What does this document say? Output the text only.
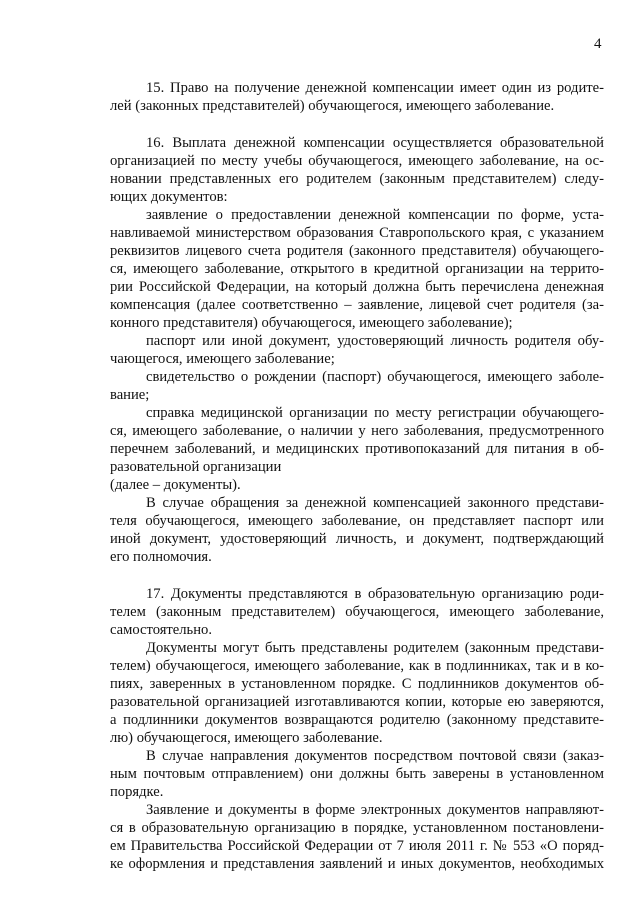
4
15. Право на получение денежной компенсации имеет один из родите-
лей (законных представителей) обучающегося, имеющего заболевание.
16. Выплата денежной компенсации осуществляется образовательной
организацией по месту учебы обучающегося, имеющего заболевание, на ос-
новании представленных его родителем (законным представителем) следу-
ющих документов:
заявление о предоставлении денежной компенсации по форме, уста-
навливаемой министерством образования Ставропольского края, с указанием
реквизитов лицевого счета родителя (законного представителя) обучающего-
ся, имеющего заболевание, открытого в кредитной организации на террито-
рии Российской Федерации, на который должна быть перечислена денежная
компенсация (далее соответственно – заявление, лицевой счет родителя (за-
конного представителя) обучающегося, имеющего заболевание);
паспорт или иной документ, удостоверяющий личность родителя обу-
чающегося, имеющего заболевание;
свидетельство о рождении (паспорт) обучающегося, имеющего заболе-
вание;
справка медицинской организации по месту регистрации обучающего-
ся, имеющего заболевание, о наличии у него заболевания, предусмотренного
перечнем заболеваний, и медицинских противопоказаний для питания в об-
разовательной организации
(далее – документы).
В случае обращения за денежной компенсацией законного представи-
теля обучающегося, имеющего заболевание, он представляет паспорт или
иной документ, удостоверяющий личность, и документ, подтверждающий
его полномочия.
17. Документы представляются в образовательную организацию роди-
телем (законным представителем) обучающегося, имеющего заболевание,
самостоятельно.
Документы могут быть представлены родителем (законным представи-
телем) обучающегося, имеющего заболевание, как в подлинниках, так и в ко-
пиях, заверенных в установленном порядке. С подлинников документов об-
разовательной организацией изготавливаются копии, которые ею заверяются,
а подлинники документов возвращаются родителю (законному представите-
лю) обучающегося, имеющего заболевание.
В случае направления документов посредством почтовой связи (заказ-
ным почтовым отправлением) они должны быть заверены в установленном
порядке.
Заявление и документы в форме электронных документов направляют-
ся в образовательную организацию в порядке, установленном постановлени-
ем Правительства Российской Федерации от 7 июля 2011 г. № 553 «О поряд-
ке оформления и представления заявлений и иных документов, необходимых
